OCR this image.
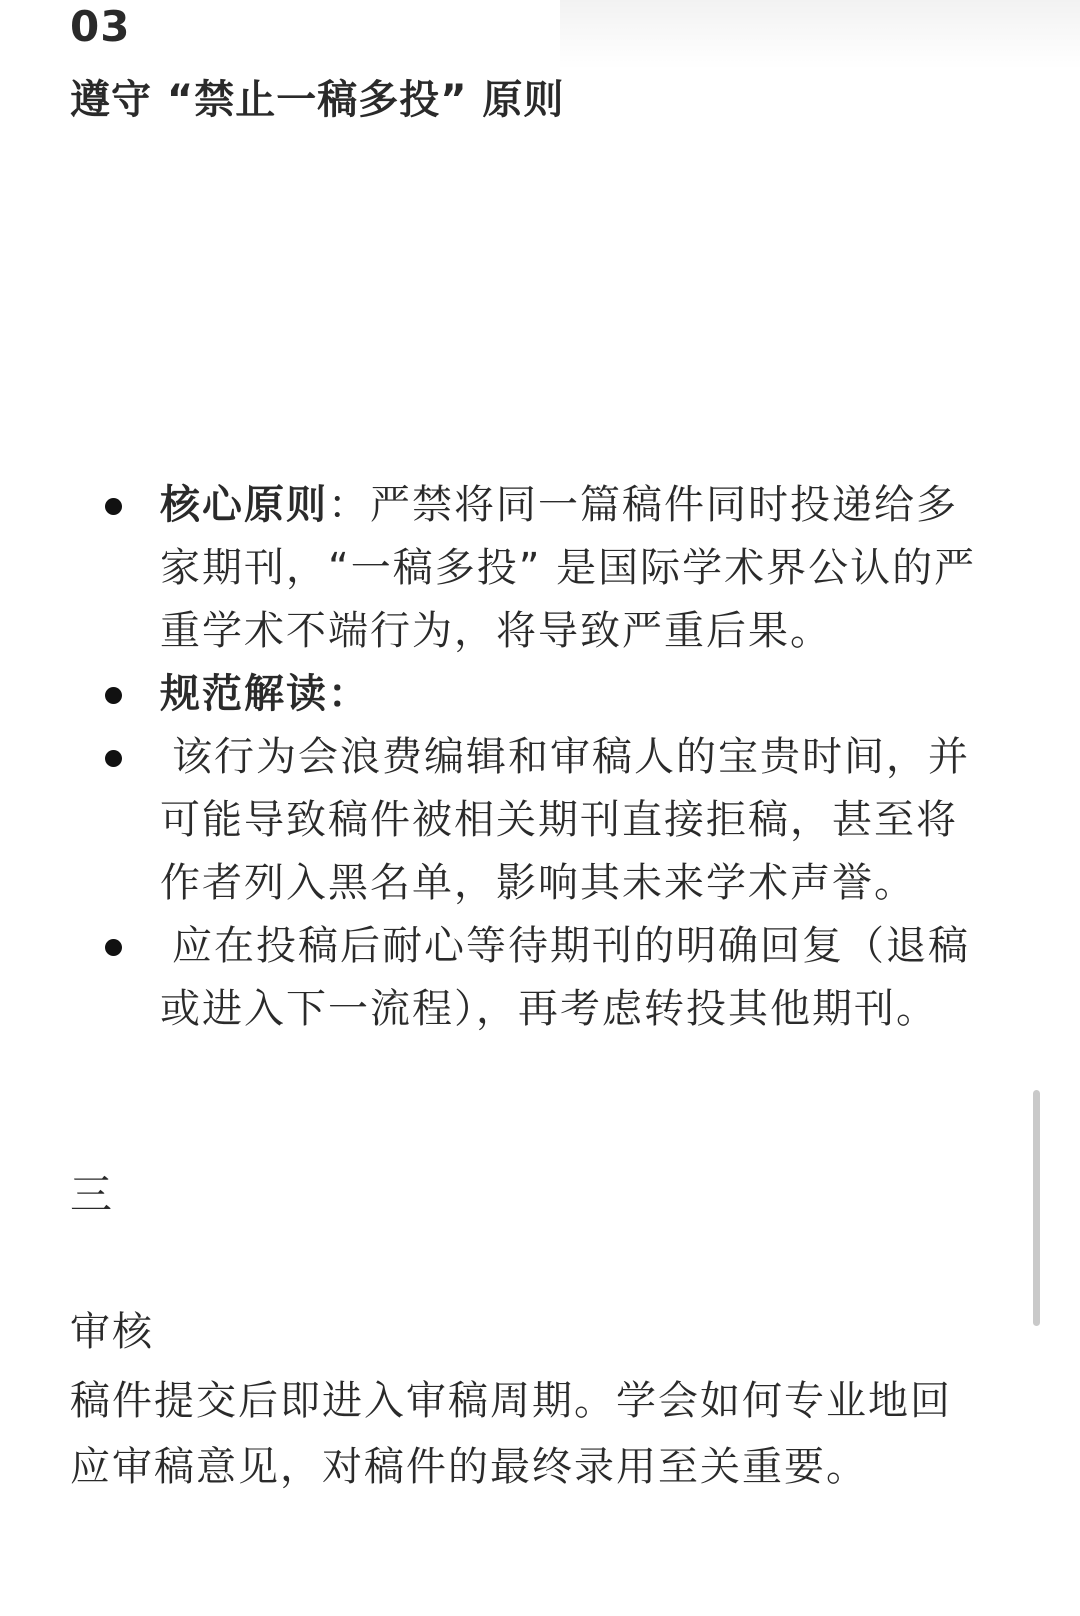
03
遵守 “禁止一稿多投” 原则
核心原则：严禁将同一篇稿件同时投递给多家期刊，“一稿多投” 是国际学术界公认的严重学术不端行为，将导致严重后果。
规范解读：
该行为会浪费编辑和审稿人的宝贵时间，并可能导致稿件被相关期刊直接拒稿，甚至将作者列入黑名单，影响其未来学术声誉。
应在投稿后耐心等待期刊的明确回复（退稿或进入下一流程），再考虑转投其他期刊。
三
审核

稿件提交后即进入审稿周期。学会如何专业地回应审稿意见，对稿件的最终录用至关重要。
